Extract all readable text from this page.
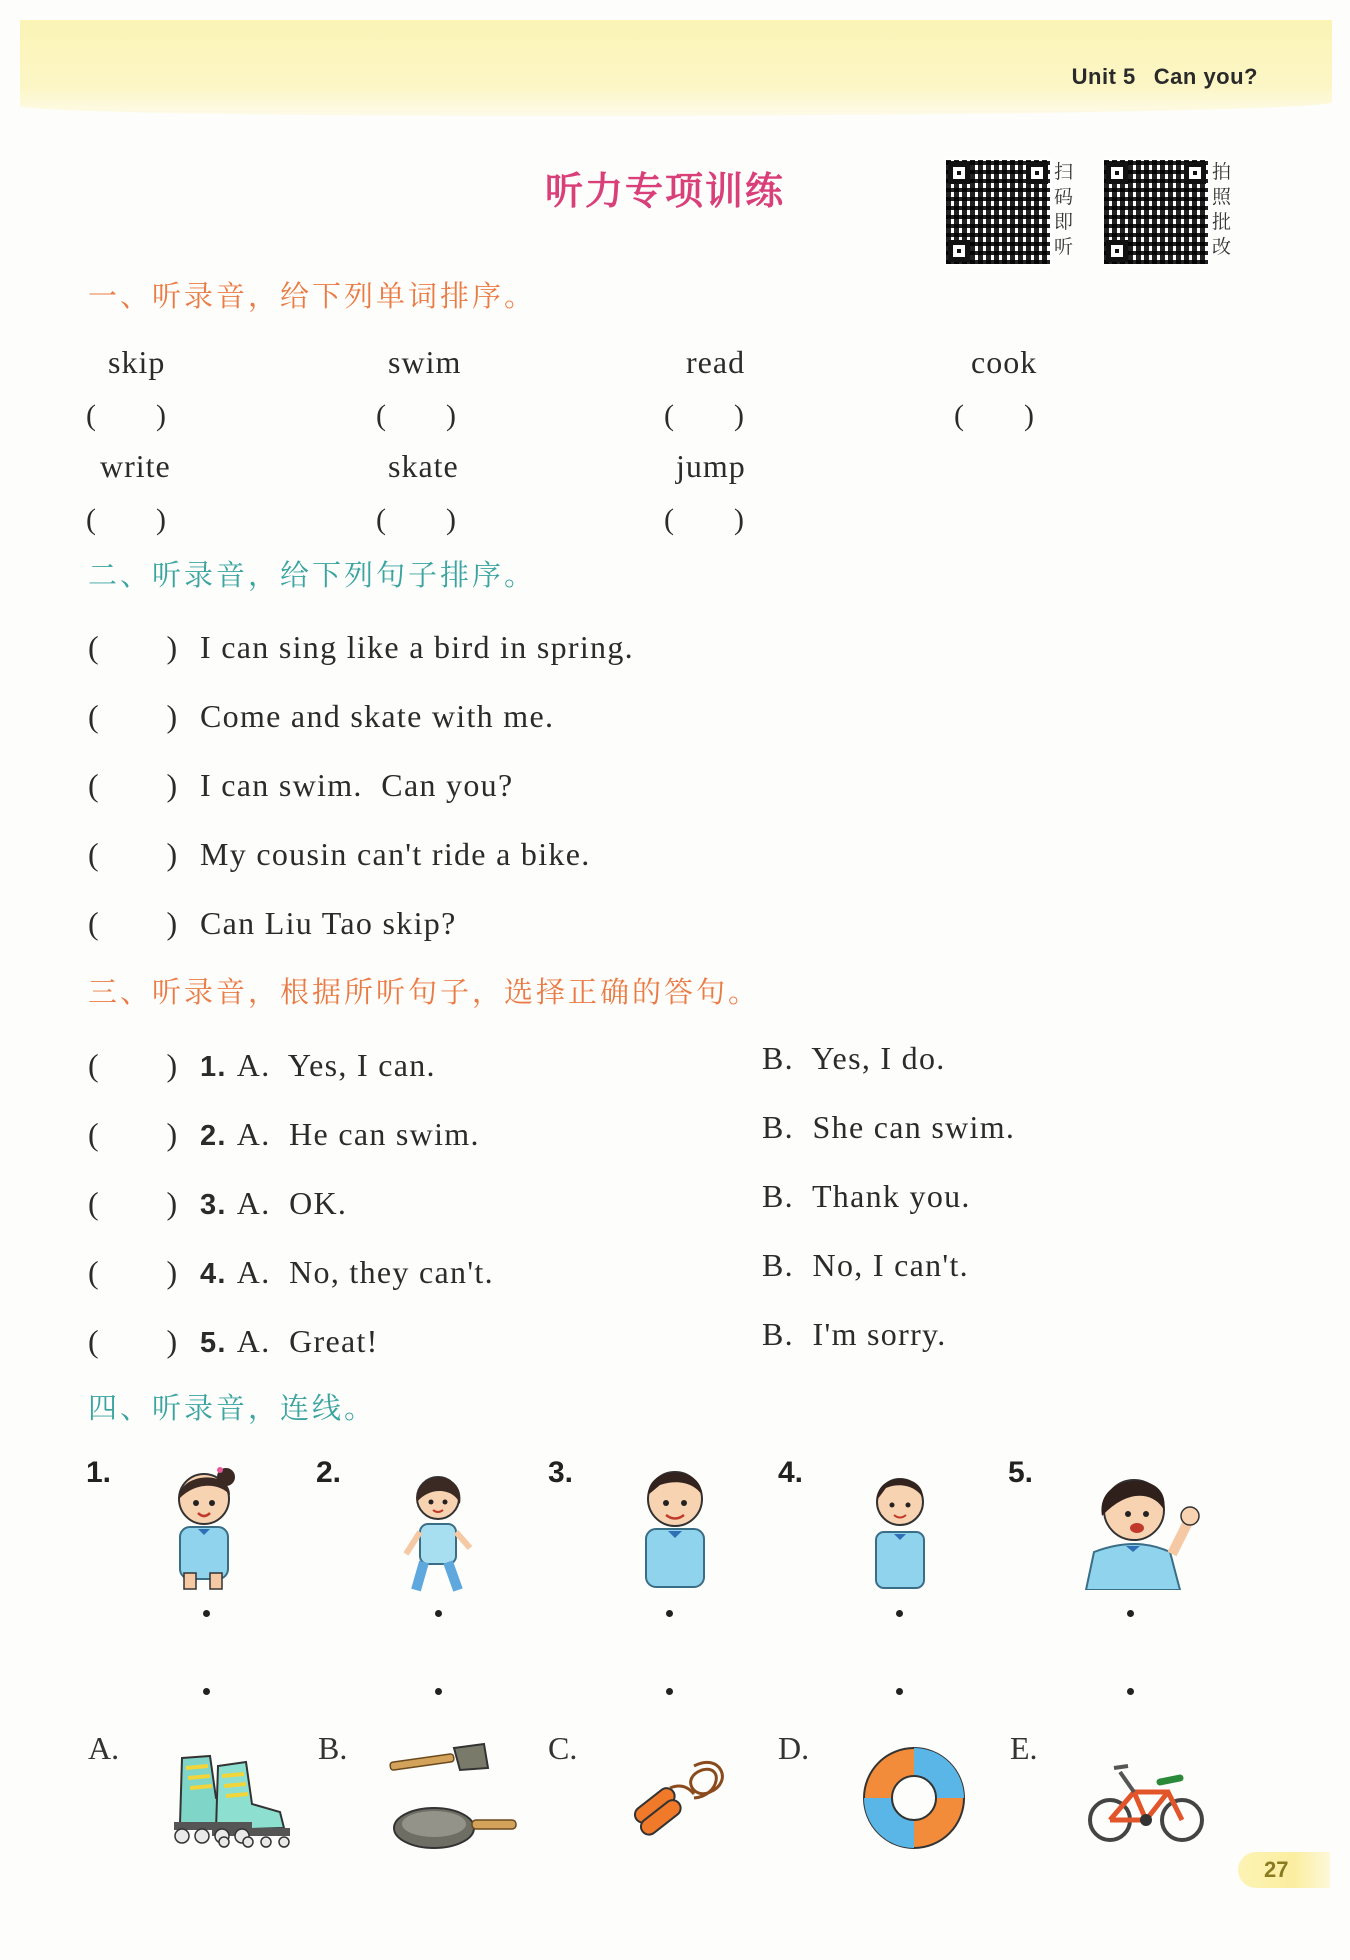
Unit 5 Can you?
听力专项训练	扫
码
即
听
拍
照
批
改
一、听录音，给下列单词排序。
skip	swim	read	cook
(　　)	(　　)	(　　)	(　　)
write	skate	jump
(　　)	(　　)	(　　)
二、听录音，给下列句子排序。
(　　) I can sing like a bird in spring.
(　　) Come and skate with me.
(　　) I can swim.  Can you?
(　　) My cousin can't ride a bike.
(　　) Can Liu Tao skip?
三、听录音，根据所听句子，选择正确的答句。
(　　) 1. A.  Yes, I can.	B.  Yes, I do.
(　　) 2. A.  He can swim.	B.  She can swim.
(　　) 3. A.  OK.	B.  Thank you.
(　　) 4. A.  No, they can't.	B.  No, I can't.
(　　) 5. A.  Great!	B.  I'm sorry.
四、听录音，连线。
1.	2.	3.	4.	5.
A.	B.	C.	D.	E.
27
